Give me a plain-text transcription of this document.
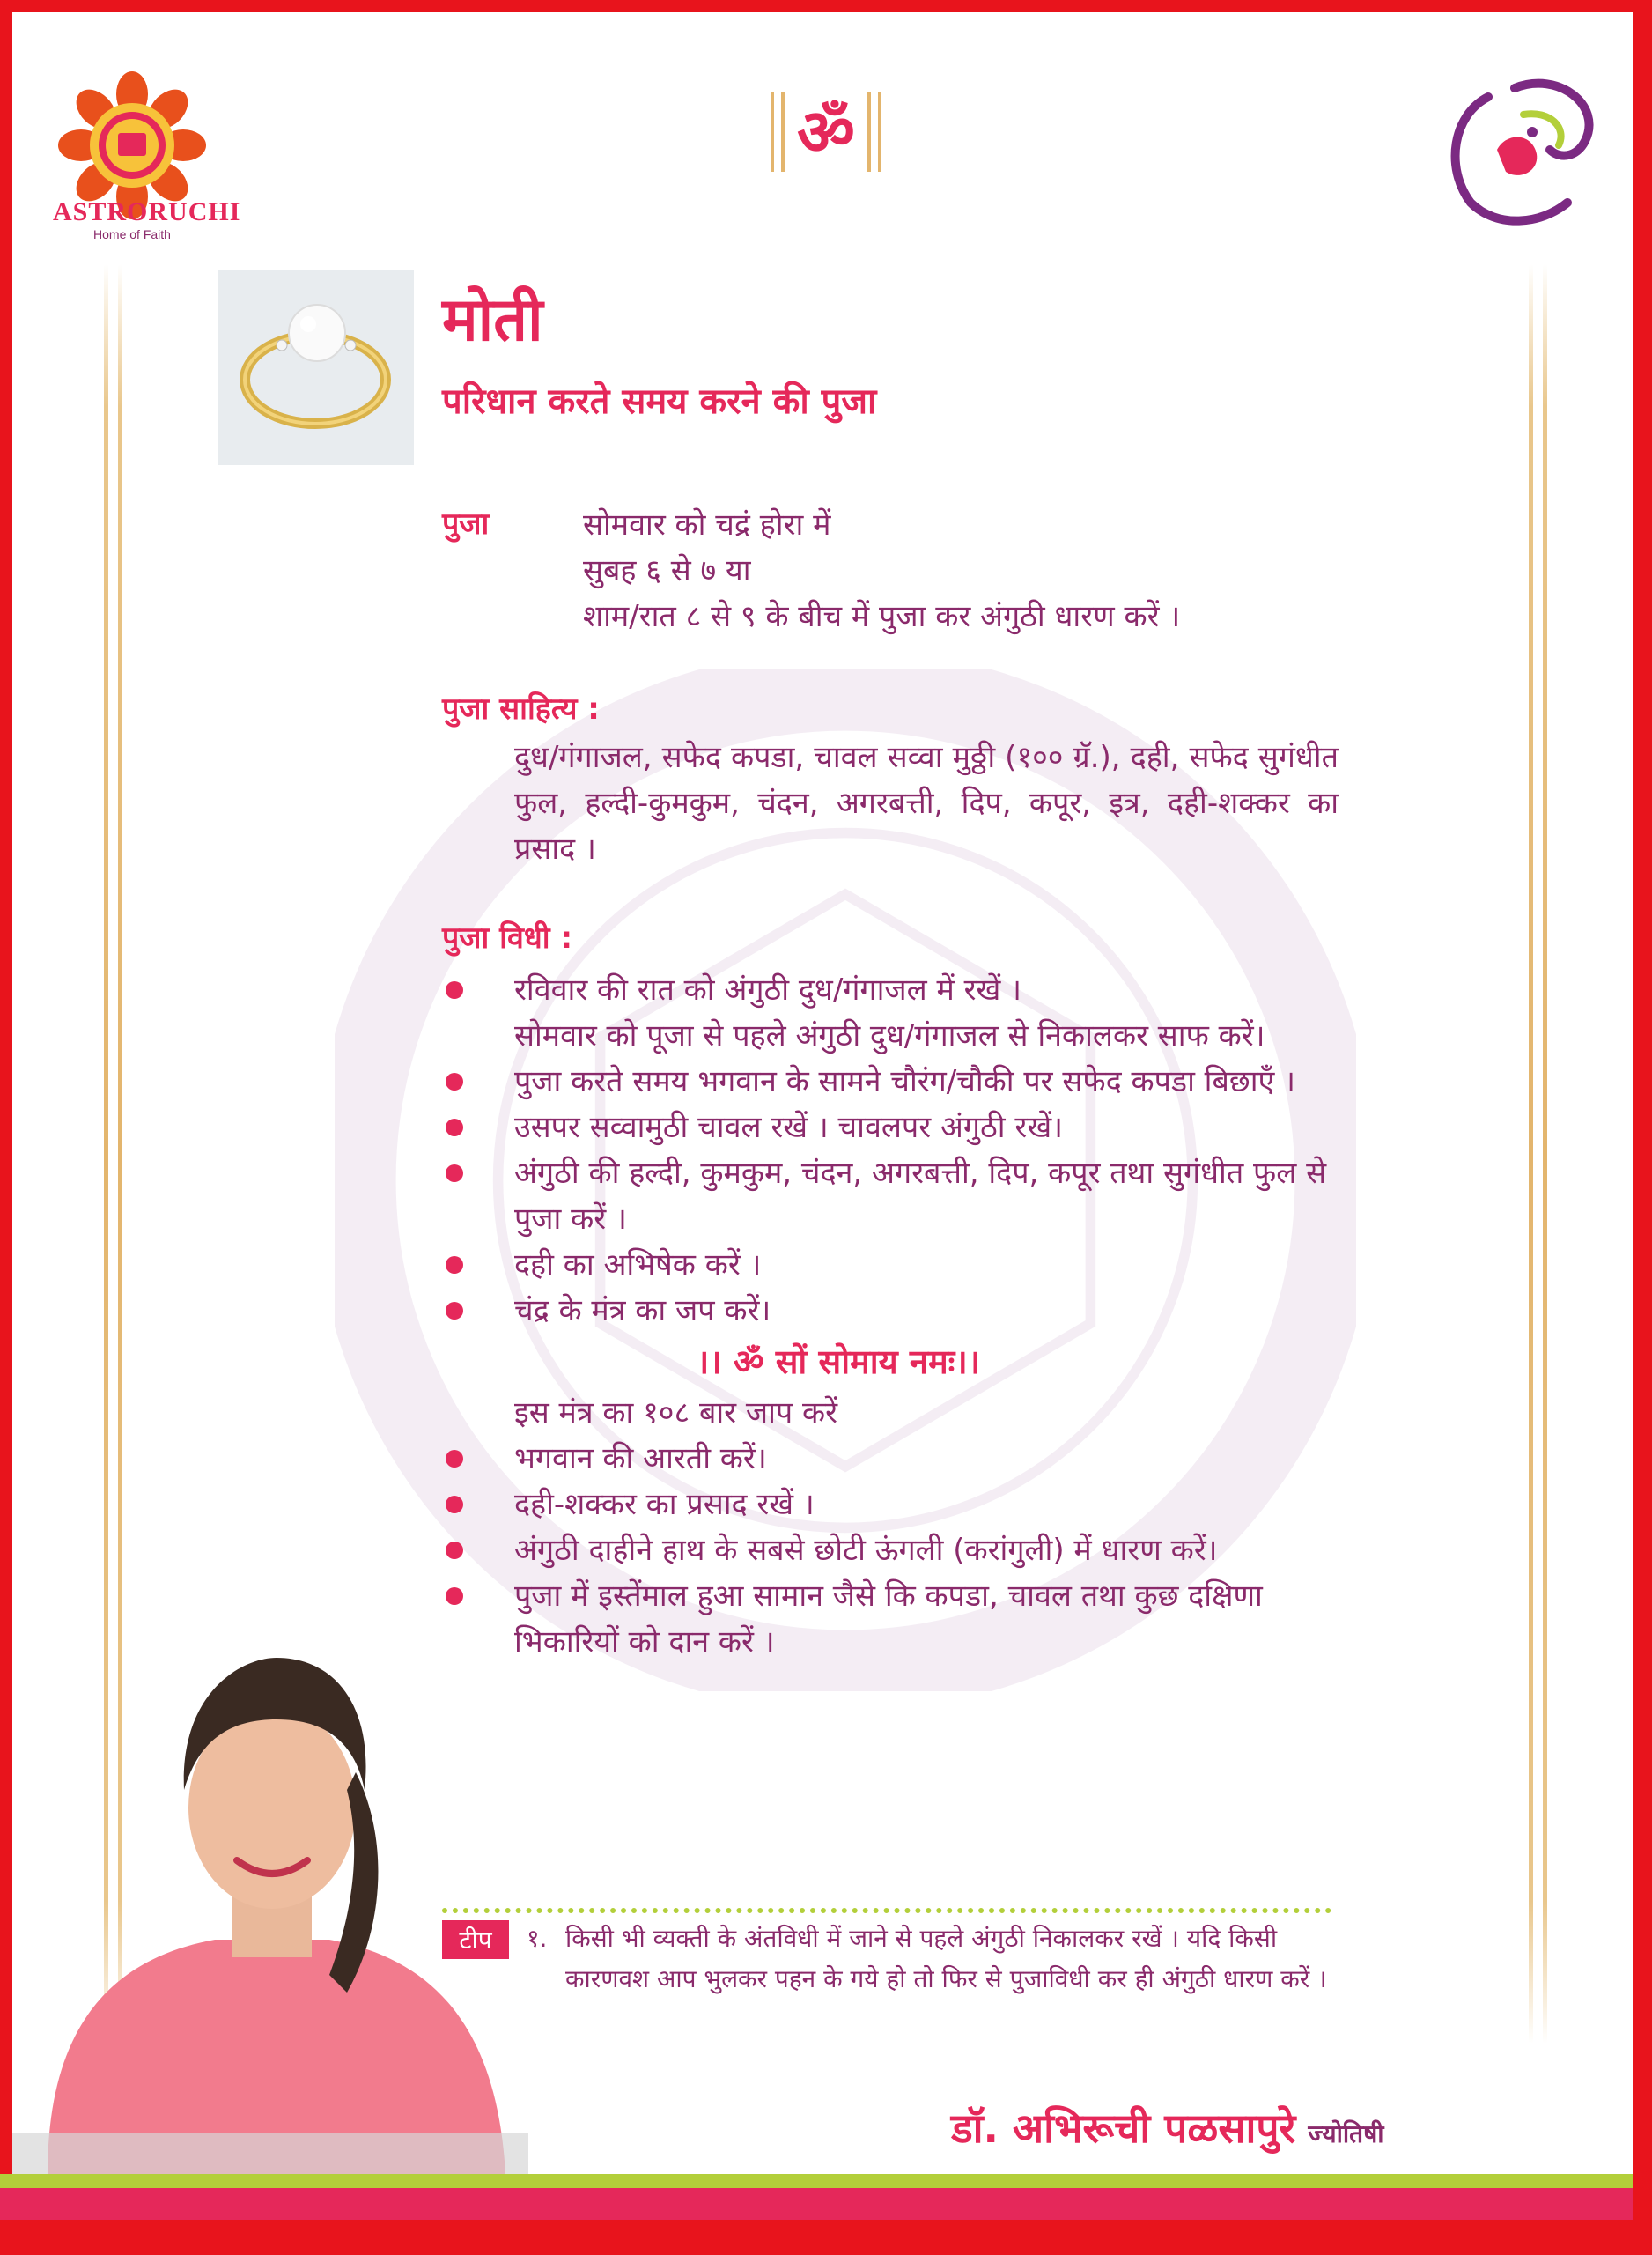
ASTRORUCHI
Home of Faith
ॐ
मोती
परिधान करते समय करने की पुजा
पुजा	सोमवार को चद्रं होरा में
सुबह ६ से ७ या
शाम/रात ८ से ९ के बीच में पुजा कर अंगुठी धारण करें ।
पुजा साहित्य :
दुध/गंगाजल, सफेद कपडा, चावल सव्वा मुठ्ठी (१०० ग्रॅ.), दही, सफेद सुगंधीत फुल, हल्दी-कुमकुम, चंदन, अगरबत्ती, दिप, कपूर, इत्र, दही-शक्कर का प्रसाद ।
पुजा विधी :
रविवार की रात को अंगुठी दुध/गंगाजल में रखें ।
सोमवार को पूजा से पहले अंगुठी दुध/गंगाजल से निकालकर साफ करें।
पुजा करते समय भगवान के सामने चौरंग/चौकी पर सफेद कपडा बिछाएँ ।
उसपर सव्वामुठी चावल रखें । चावलपर अंगुठी रखें।
अंगुठी की हल्दी, कुमकुम, चंदन, अगरबत्ती, दिप, कपूर तथा सुगंधीत फुल से पुजा करें ।
दही का अभिषेक करें ।
चंद्र के मंत्र का जप करें।
।। ॐ सों सोमाय नमः।।
इस मंत्र का १०८ बार जाप करें
भगवान की आरती करें।
दही-शक्कर का प्रसाद रखें ।
अंगुठी दाहीने हाथ के सबसे छोटी ऊंगली (करांगुली) में धारण करें।
पुजा में इस्तेंमाल हुआ सामान जैसे कि कपडा, चावल तथा कुछ दक्षिणा भिकारियों को दान करें ।
टीप	१. किसी भी व्यक्ती के अंतविधी में जाने से पहले अंगुठी निकालकर रखें । यदि किसी कारणवश आप भुलकर पहन के गये हो तो फिर से पुजाविधी कर ही अंगुठी धारण करें ।
डॉ. अभिरूची पळसापुरे ज्योतिषी
